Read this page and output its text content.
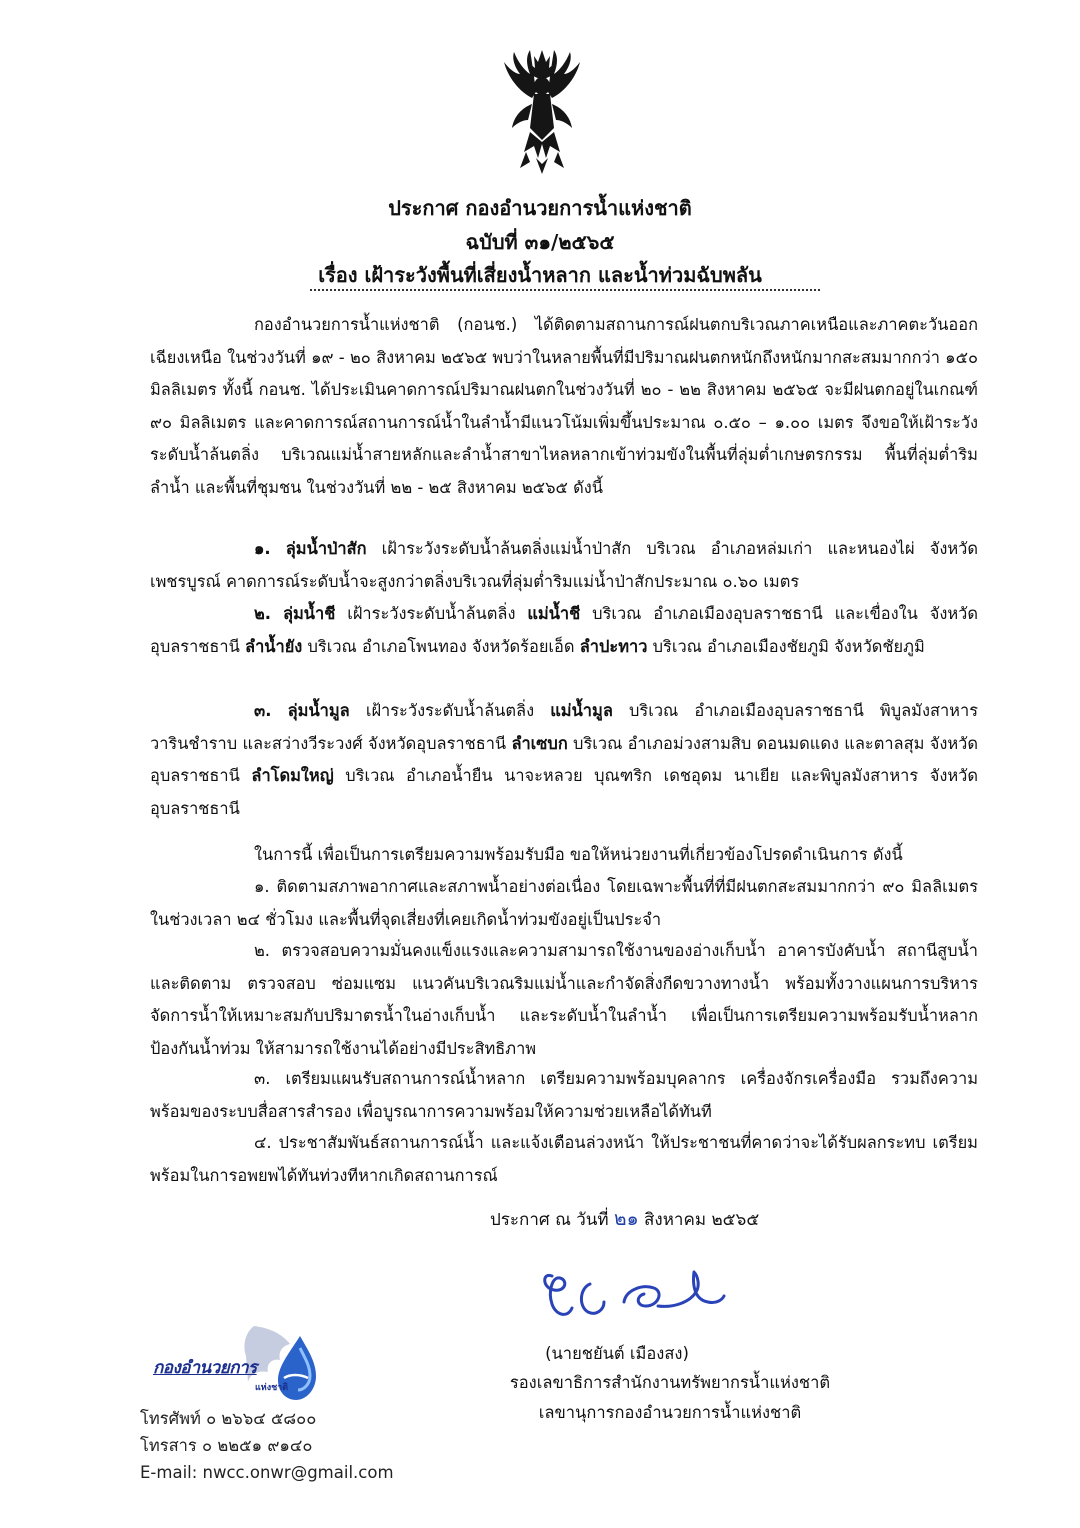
ประกาศ กองอำนวยการน้ำแห่งชาติ
ฉบับที่ ๓๑/๒๕๖๕
เรื่อง เฝ้าระวังพื้นที่เสี่ยงน้ำหลาก และน้ำท่วมฉับพลัน

กองอำนวยการน้ำแห่งชาติ (กอนช.) ได้ติดตามสถานการณ์ฝนตกบริเวณภาคเหนือและภาคตะวันออกเฉียงเหนือ ในช่วงวันที่ ๑๙ - ๒๐ สิงหาคม ๒๕๖๕ พบว่าในหลายพื้นที่มีปริมาณฝนตกหนักถึงหนักมากสะสมมากกว่า ๑๕๐ มิลลิเมตร ทั้งนี้ กอนช. ได้ประเมินคาดการณ์ปริมาณฝนตกในช่วงวันที่ ๒๐ - ๒๒ สิงหาคม ๒๕๖๕ จะมีฝนตกอยู่ในเกณฑ์ ๙๐ มิลลิเมตร และคาดการณ์สถานการณ์น้ำในลำน้ำมีแนวโน้มเพิ่มขึ้นประมาณ ๐.๕๐ – ๑.๐๐ เมตร จึงขอให้เฝ้าระวังระดับน้ำล้นตลิ่ง บริเวณแม่น้ำสายหลักและลำน้ำสาขาไหลหลากเข้าท่วมขังในพื้นที่ลุ่มต่ำเกษตรกรรม พื้นที่ลุ่มต่ำริมลำน้ำ และพื้นที่ชุมชน ในช่วงวันที่ ๒๒ - ๒๕ สิงหาคม ๒๕๖๕ ดังนี้

๑. ลุ่มน้ำป่าสัก เฝ้าระวังระดับน้ำล้นตลิ่งแม่น้ำป่าสัก บริเวณ อำเภอหล่มเก่า และหนองไผ่ จังหวัดเพชรบูรณ์ คาดการณ์ระดับน้ำจะสูงกว่าตลิ่งบริเวณที่ลุ่มต่ำริมแม่น้ำป่าสักประมาณ ๐.๖๐ เมตร

๒. ลุ่มน้ำชี เฝ้าระวังระดับน้ำล้นตลิ่ง แม่น้ำชี บริเวณ อำเภอเมืองอุบลราชธานี และเขื่องใน จังหวัดอุบลราชธานี ลำน้ำยัง บริเวณ อำเภอโพนทอง จังหวัดร้อยเอ็ด ลำปะทาว บริเวณ อำเภอเมืองชัยภูมิ จังหวัดชัยภูมิ

๓. ลุ่มน้ำมูล เฝ้าระวังระดับน้ำล้นตลิ่ง แม่น้ำมูล บริเวณ อำเภอเมืองอุบลราชธานี พิบูลมังสาหาร วารินชำราบ และสว่างวีระวงศ์ จังหวัดอุบลราชธานี ลำเซบก บริเวณ อำเภอม่วงสามสิบ ดอนมดแดง และตาลสุม จังหวัดอุบลราชธานี ลำโดมใหญ่ บริเวณ อำเภอน้ำยืน นาจะหลวย บุณฑริก เดชอุดม นาเยีย และพิบูลมังสาหาร จังหวัดอุบลราชธานี

ในการนี้ เพื่อเป็นการเตรียมความพร้อมรับมือ ขอให้หน่วยงานที่เกี่ยวข้องโปรดดำเนินการ ดังนี้

๑. ติดตามสภาพอากาศและสภาพน้ำอย่างต่อเนื่อง โดยเฉพาะพื้นที่ที่มีฝนตกสะสมมากกว่า ๙๐ มิลลิเมตร ในช่วงเวลา ๒๔ ชั่วโมง และพื้นที่จุดเสี่ยงที่เคยเกิดน้ำท่วมขังอยู่เป็นประจำ

๒. ตรวจสอบความมั่นคงแข็งแรงและความสามารถใช้งานของอ่างเก็บน้ำ อาคารบังคับน้ำ สถานีสูบน้ำ และติดตาม ตรวจสอบ ซ่อมแซม แนวคันบริเวณริมแม่น้ำและกำจัดสิ่งกีดขวางทางน้ำ พร้อมทั้งวางแผนการบริหารจัดการน้ำให้เหมาะสมกับปริมาตรน้ำในอ่างเก็บน้ำ และระดับน้ำในลำน้ำ เพื่อเป็นการเตรียมความพร้อมรับน้ำหลากป้องกันน้ำท่วม ให้สามารถใช้งานได้อย่างมีประสิทธิภาพ

๓. เตรียมแผนรับสถานการณ์น้ำหลาก เตรียมความพร้อมบุคลากร เครื่องจักรเครื่องมือ รวมถึงความพร้อมของระบบสื่อสารสำรอง เพื่อบูรณาการความพร้อมให้ความช่วยเหลือได้ทันที

๔. ประชาสัมพันธ์สถานการณ์น้ำ และแจ้งเตือนล่วงหน้า ให้ประชาชนที่คาดว่าจะได้รับผลกระทบ เตรียมพร้อมในการอพยพได้ทันท่วงทีหากเกิดสถานการณ์

ประกาศ ณ วันที่ ๒๑ สิงหาคม ๒๕๖๕
(นายชยันต์ เมืองสง)
รองเลขาธิการสำนักงานทรัพยากรน้ำแห่งชาติ
เลขานุการกองอำนวยการน้ำแห่งชาติ
กองอำนวยการ
แห่งชาติ
โทรศัพท์ ๐ ๒๖๖๔ ๕๘๐๐
โทรสาร ๐ ๒๒๕๑ ๙๑๔๐
E-mail: nwcc.onwr@gmail.com
